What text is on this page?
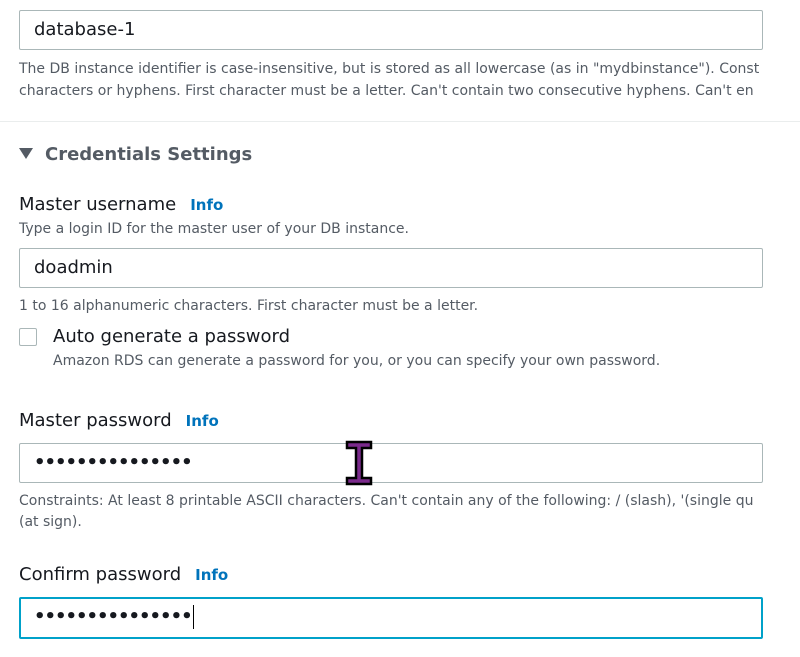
database-1
The DB instance identifier is case-insensitive, but is stored as all lowercase (as in "mydbinstance"). Const
characters or hyphens. First character must be a letter. Can't contain two consecutive hyphens. Can't en
Credentials Settings
Master username Info
Type a login ID for the master user of your DB instance.
doadmin
1 to 16 alphanumeric characters. First character must be a letter.
Auto generate a password
Amazon RDS can generate a password for you, or you can specify your own password.
Master password Info
•••••••••••••••
Constraints: At least 8 printable ASCII characters. Can't contain any of the following: / (slash), '(single qu
(at sign).
Confirm password Info
•••••••••••••••
